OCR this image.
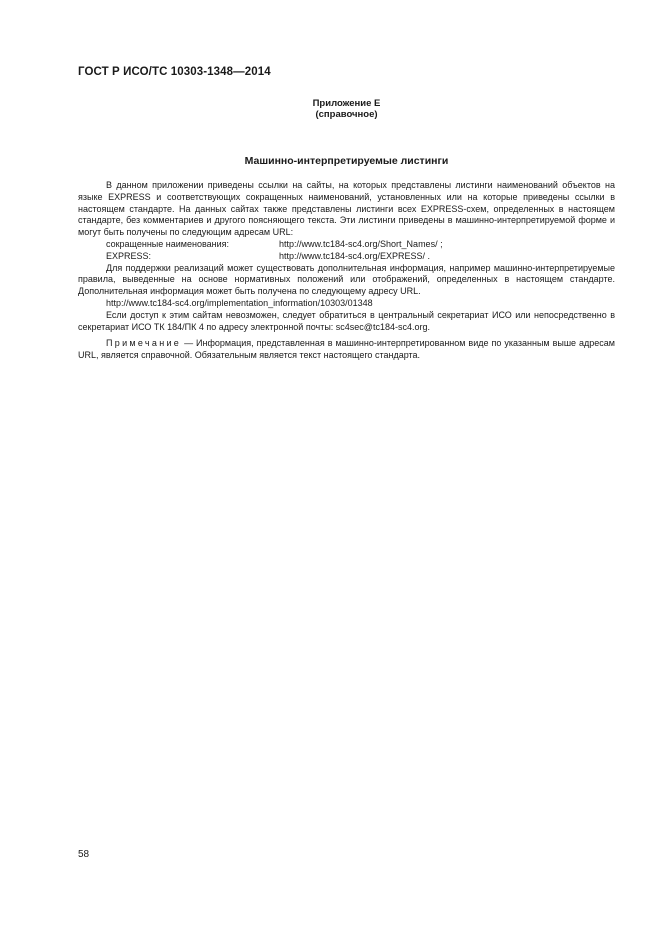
ГОСТ Р ИСО/ТС 10303-1348—2014
Приложение Е
(справочное)
Машинно-интерпретируемые листинги

В данном приложении приведены ссылки на сайты, на которых представлены листинги наименований объектов на языке EXPRESS и соответствующих сокращенных наименований, установленных или на которые приведены ссылки в настоящем стандарте. На данных сайтах также представлены листинги всех EXPRESS-схем, определенных в настоящем стандарте, без комментариев и другого поясняющего текста. Эти листинги приведены в машинно-интерпретируемой форме и могут быть получены по следующим адресам URL:

сокращенные наименования:	http://www.tc184-sc4.org/Short_Names/ ;
EXPRESS:	http://www.tc184-sc4.org/EXPRESS/ .

Для поддержки реализаций может существовать дополнительная информация, например машинно-интерпретируемые правила, выведенные на основе нормативных положений или отображений, определенных в настоящем стандарте. Дополнительная информация может быть получена по следующему адресу URL.

http://www.tc184-sc4.org/implementation_information/10303/01348

Если доступ к этим сайтам невозможен, следует обратиться в центральный секретариат ИСО или непосредственно в секретариат ИСО ТК 184/ПК 4 по адресу электронной почты: sc4sec@tc184-sc4.org.

Примечание — Информация, представленная в машинно-интерпретированном виде по указанным выше адресам URL, является справочной. Обязательным является текст настоящего стандарта.

58
